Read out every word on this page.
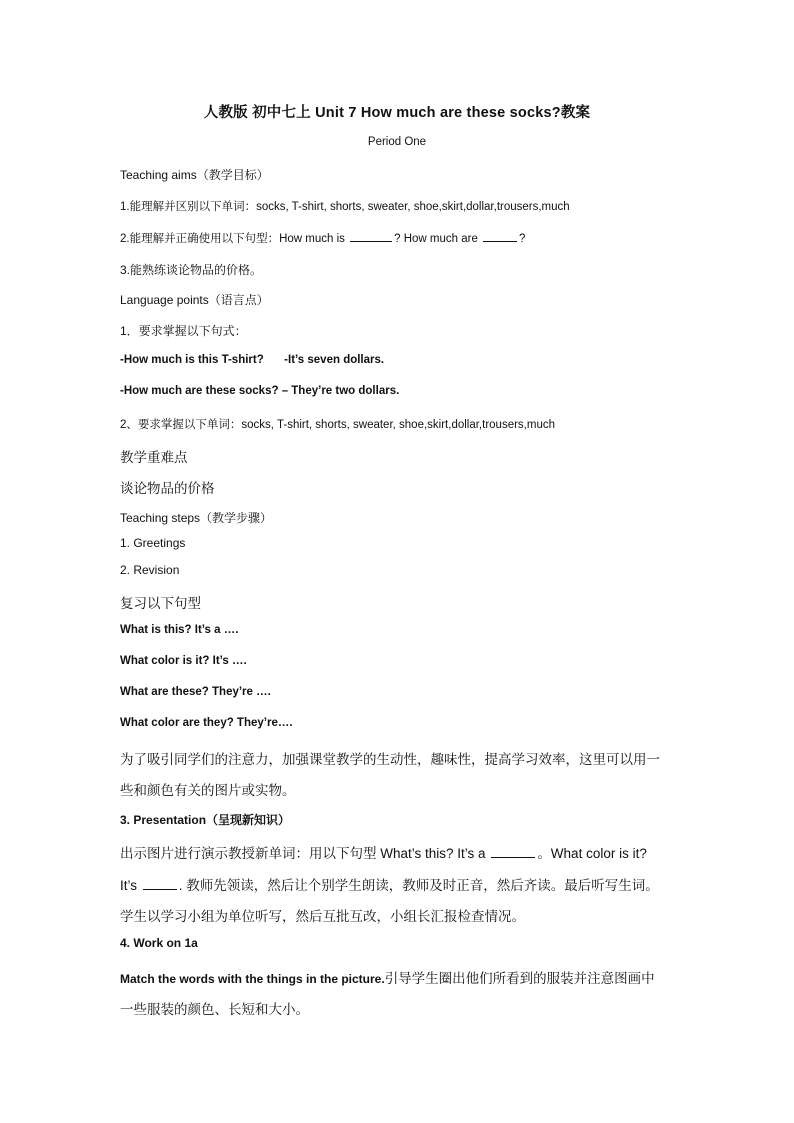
人教版 初中七上 Unit 7 How much are these socks?教案
Period One
Teaching aims（教学目标）
1.能理解并区别以下单词：socks, T-shirt, shorts, sweater, shoe,skirt,dollar,trousers,much
2.能理解并正确使用以下句型：How much is	? How much are	?
3.能熟练谈论物品的价格。
Language points（语言点）
1．要求掌握以下句式：
-How much is this T-shirt? -It’s seven dollars.
-How much are these socks? – They’re two dollars.
2、要求掌握以下单词：socks, T-shirt, shorts, sweater, shoe,skirt,dollar,trousers,much
教学重难点
谈论物品的价格
Teaching steps（教学步骤）
1. Greetings
2. Revision
复习以下句型
What is this? It’s a ….
What color is it? It’s ….
What are these? They’re ….
What color are they? They’re….
为了吸引同学们的注意力，加强课堂教学的生动性，趣味性，提高学习效率，这里可以用一
些和颜色有关的图片或实物。
3. Presentation（呈现新知识）
出示图片进行演示教授新单词：用以下句型 What’s this? It’s a	。What color is it?
It’s	. 教师先领读，然后让个别学生朗读，教师及时正音，然后齐读。最后听写生词。
学生以学习小组为单位听写，然后互批互改，小组长汇报检查情况。
4. Work on 1a
Match the words with the things in the picture.引导学生圈出他们所看到的服装并注意图画中
一些服装的颜色、长短和大小。
